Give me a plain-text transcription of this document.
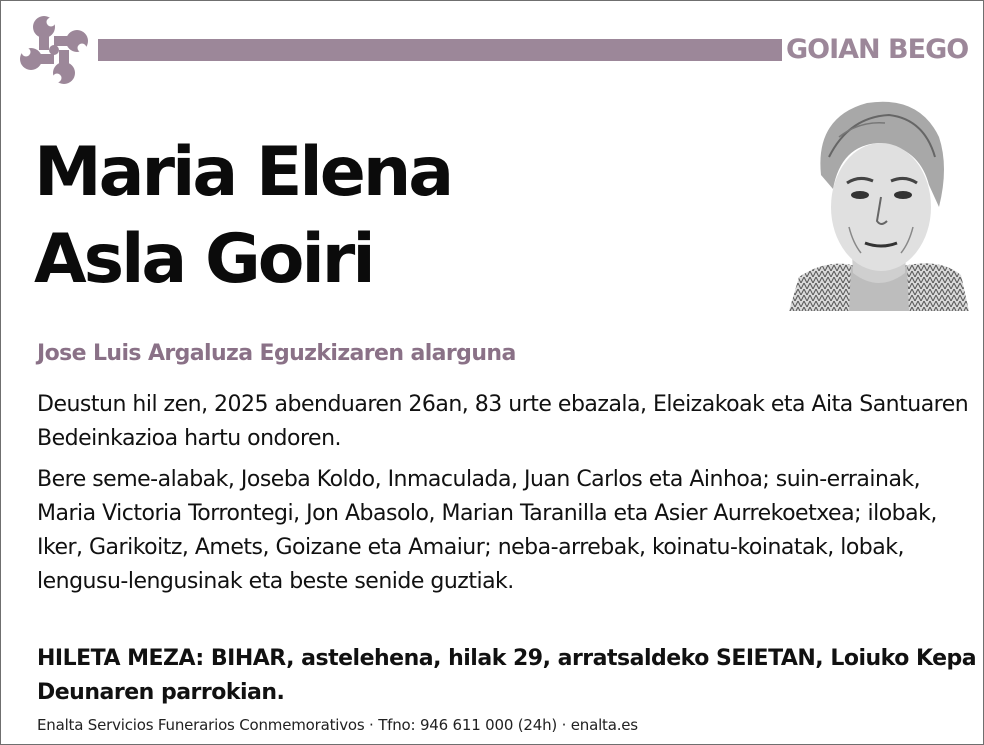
GOIAN BEGO
Maria Elena
Asla Goiri
Jose Luis Argaluza Eguzkizaren alarguna
Deustun hil zen, 2025 abenduaren 26an, 83 urte ebazala, Eleizakoak eta Aita Santuaren Bedeinkazioa hartu ondoren.
Bere seme-alabak, Joseba Koldo, Inmaculada, Juan Carlos eta Ainhoa; suin-errainak, Maria Victoria Torrontegi, Jon Abasolo, Marian Taranilla eta Asier Aurrekoetxea; ilobak, Iker, Garikoitz, Amets, Goizane eta Amaiur; neba-arrebak, koinatu-koinatak, lobak, lengusu-lengusinak eta beste senide guztiak.
HILETA MEZA: BIHAR, astelehena, hilak 29, arratsaldeko SEIETAN, Loiuko Kepa Deunaren parrokian.
Enalta Servicios Funerarios Conmemorativos · Tfno: 946 611 000 (24h) · enalta.es
